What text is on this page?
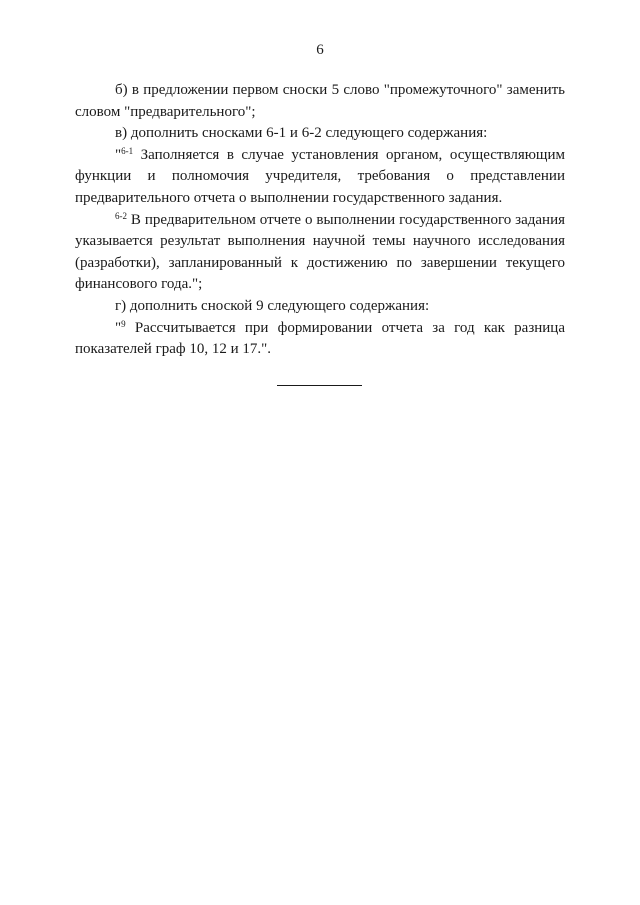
6

б) в предложении первом сноски 5 слово "промежуточного" заменить словом "предварительного";

в) дополнить сносками 6-1 и 6-2 следующего содержания:

"$^{6-1}$ Заполняется в случае установления органом, осуществляющим функции и полномочия учредителя, требования о представлении предварительного отчета о выполнении государственного задания.

$^{6-2}$ В предварительном отчете о выполнении государственного задания указывается результат выполнения научной темы научного исследования (разработки), запланированный к достижению по завершении текущего финансового года.";

г) дополнить сноской 9 следующего содержания:

"$^9$ Рассчитывается при формировании отчета за год как разница показателей граф 10, 12 и 17.".
